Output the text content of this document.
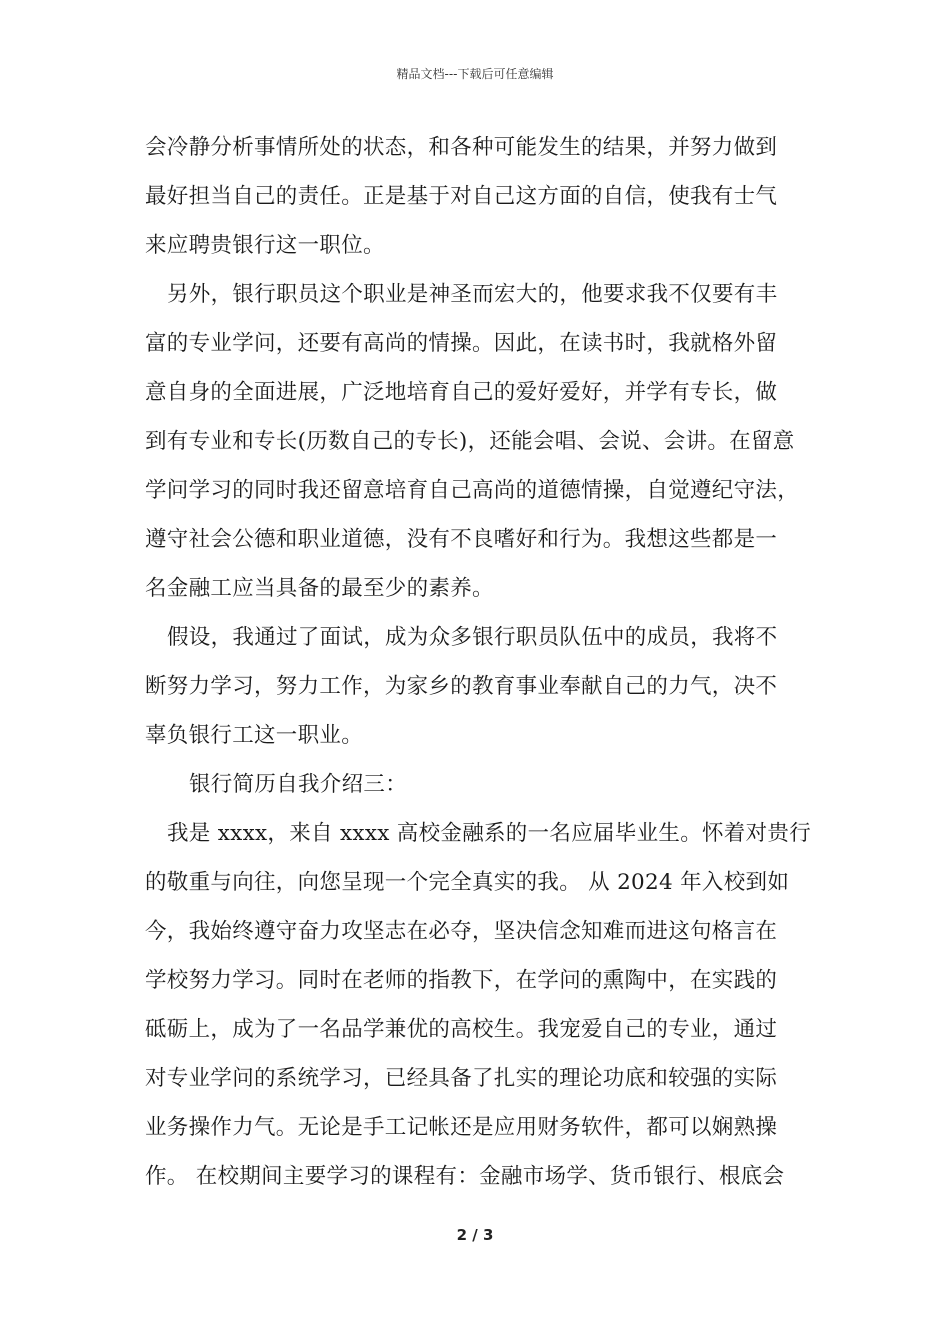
精品文档---下载后可任意编辑
会冷静分析事情所处的状态，和各种可能发生的结果，并努力做到
最好担当自己的责任。正是基于对自己这方面的自信，使我有士气
来应聘贵银行这一职位。
另外，银行职员这个职业是神圣而宏大的，他要求我不仅要有丰
富的专业学问，还要有高尚的情操。因此，在读书时，我就格外留
意自身的全面进展，广泛地培育自己的爱好爱好，并学有专长，做
到有专业和专长(历数自己的专长)，还能会唱、会说、会讲。在留意
学问学习的同时我还留意培育自己高尚的道德情操，自觉遵纪守法，
遵守社会公德和职业道德，没有不良嗜好和行为。我想这些都是一
名金融工应当具备的最至少的素养。
假设，我通过了面试，成为众多银行职员队伍中的成员，我将不
断努力学习，努力工作，为家乡的教育事业奉献自己的力气，决不
辜负银行工这一职业。
银行简历自我介绍三：
我是 xxxx，来自 xxxx 高校金融系的一名应届毕业生。怀着对贵行
的敬重与向往，向您呈现一个完全真实的我。 从 2024 年入校到如
今，我始终遵守奋力攻坚志在必夺，坚决信念知难而进这句格言在
学校努力学习。同时在老师的指教下，在学问的熏陶中，在实践的
砥砺上，成为了一名品学兼优的高校生。我宠爱自己的专业，通过
对专业学问的系统学习，已经具备了扎实的理论功底和较强的实际
业务操作力气。无论是手工记帐还是应用财务软件，都可以娴熟操
作。 在校期间主要学习的课程有：金融市场学、货币银行、根底会
2 / 3
